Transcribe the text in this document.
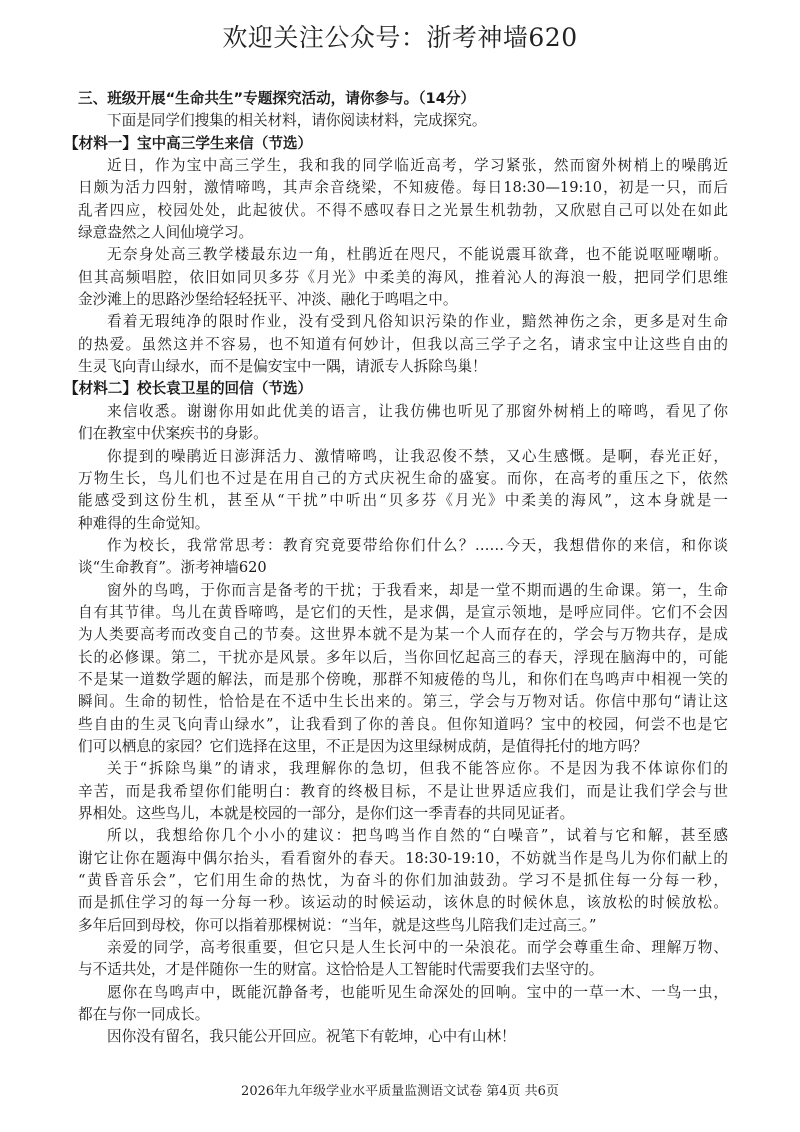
欢迎关注公众号：浙考神墙620
三、班级开展“生命共生”专题探究活动，请你参与。（14分）
下面是同学们搜集的相关材料，请你阅读材料，完成探究。
【材料一】宝中高三学生来信（节选）
近日，作为宝中高三学生，我和我的同学临近高考，学习紧张，然而窗外树梢上的噪鹃近
日颇为活力四射，激情啼鸣，其声余音绕梁，不知疲倦。每日18:30—19:10，初是一只，而后
乱者四应，校园处处，此起彼伏。不得不感叹春日之光景生机勃勃，又欣慰自己可以处在如此
绿意盎然之人间仙境学习。
无奈身处高三教学楼最东边一角，杜鹃近在咫尺，不能说震耳欲聋，也不能说呕哑嘲哳。
但其高频唱腔，依旧如同贝多芬《月光》中柔美的海风，推着沁人的海浪一般，把同学们思维
金沙滩上的思路沙堡给轻轻抚平、冲淡、融化于鸣唱之中。
看着无瑕纯净的限时作业，没有受到凡俗知识污染的作业，黯然神伤之余，更多是对生命
的热爱。虽然这并不容易，也不知道有何妙计，但我以高三学子之名，请求宝中让这些自由的
生灵飞向青山绿水，而不是偏安宝中一隅，请派专人拆除鸟巢！
【材料二】校长袁卫星的回信（节选）
来信收悉。谢谢你用如此优美的语言，让我仿佛也听见了那窗外树梢上的啼鸣，看见了你
们在教室中伏案疾书的身影。
你提到的噪鹃近日澎湃活力、激情啼鸣，让我忍俊不禁，又心生感慨。是啊，春光正好，
万物生长，鸟儿们也不过是在用自己的方式庆祝生命的盛宴。而你，在高考的重压之下，依然
能感受到这份生机，甚至从“干扰”中听出“贝多芬《月光》中柔美的海风”，这本身就是一
种难得的生命觉知。
作为校长，我常常思考：教育究竟要带给你们什么？……今天，我想借你的来信，和你谈
谈“生命教育”。浙考神墙620
窗外的鸟鸣，于你而言是备考的干扰；于我看来，却是一堂不期而遇的生命课。第一，生命
自有其节律。鸟儿在黄昏啼鸣，是它们的天性，是求偶，是宣示领地，是呼应同伴。它们不会因
为人类要高考而改变自己的节奏。这世界本就不是为某一个人而存在的，学会与万物共存，是成
长的必修课。第二，干扰亦是风景。多年以后，当你回忆起高三的春天，浮现在脑海中的，可能
不是某一道数学题的解法，而是那个傍晚，那群不知疲倦的鸟儿，和你们在鸟鸣声中相视一笑的
瞬间。生命的韧性，恰恰是在不适中生长出来的。第三，学会与万物对话。你信中那句“请让这
些自由的生灵飞向青山绿水”，让我看到了你的善良。但你知道吗？宝中的校园，何尝不也是它
们可以栖息的家园？它们选择在这里，不正是因为这里绿树成荫，是值得托付的地方吗？
关于“拆除鸟巢”的请求，我理解你的急切，但我不能答应你。不是因为我不体谅你们的
辛苦，而是我希望你们能明白：教育的终极目标，不是让世界适应我们，而是让我们学会与世
界相处。这些鸟儿，本就是校园的一部分，是你们这一季青春的共同见证者。
所以，我想给你几个小小的建议：把鸟鸣当作自然的“白噪音”，试着与它和解，甚至感
谢它让你在题海中偶尔抬头，看看窗外的春天。18:30-19:10，不妨就当作是鸟儿为你们献上的
“黄昏音乐会”，它们用生命的热忱，为奋斗的你们加油鼓劲。学习不是抓住每一分每一秒，
而是抓住学习的每一分每一秒。该运动的时候运动，该休息的时候休息，该放松的时候放松。
多年后回到母校，你可以指着那棵树说：“当年，就是这些鸟儿陪我们走过高三。”
亲爱的同学，高考很重要，但它只是人生长河中的一朵浪花。而学会尊重生命、理解万物、
与不适共处，才是伴随你一生的财富。这恰恰是人工智能时代需要我们去坚守的。
愿你在鸟鸣声中，既能沉静备考，也能听见生命深处的回响。宝中的一草一木、一鸟一虫，
都在与你一同成长。
因你没有留名，我只能公开回应。祝笔下有乾坤，心中有山林！
2026年九年级学业水平质量监测语文试卷 第4页 共6页
